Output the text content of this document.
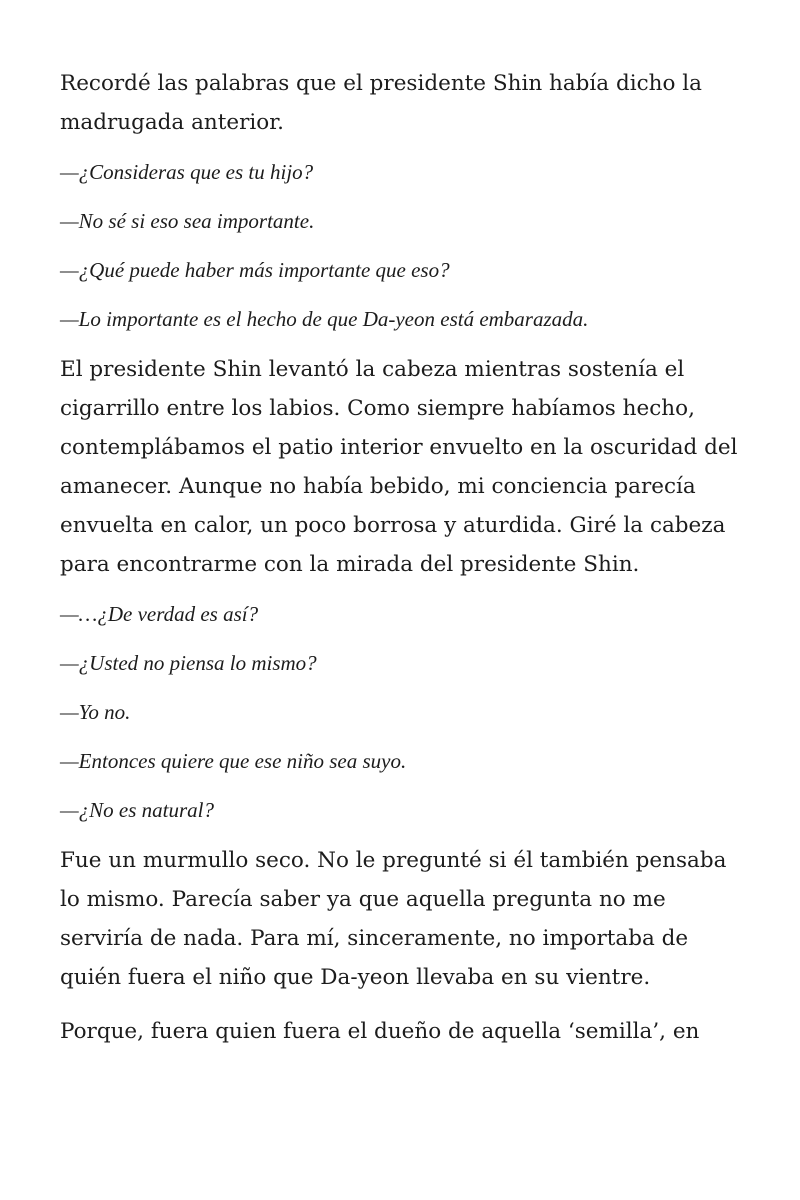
Recordé las palabras que el presidente Shin había dicho la madrugada anterior.

—¿Consideras que es tu hijo?

—No sé si eso sea importante.

—¿Qué puede haber más importante que eso?

—Lo importante es el hecho de que Da-yeon está embarazada.

El presidente Shin levantó la cabeza mientras sostenía el cigarrillo entre los labios. Como siempre habíamos hecho, contemplábamos el patio interior envuelto en la oscuridad del amanecer. Aunque no había bebido, mi conciencia parecía envuelta en calor, un poco borrosa y aturdida. Giré la cabeza para encontrarme con la mirada del presidente Shin.

—…¿De verdad es así?

—¿Usted no piensa lo mismo?

—Yo no.

—Entonces quiere que ese niño sea suyo.

—¿No es natural?

Fue un murmullo seco. No le pregunté si él también pensaba lo mismo. Parecía saber ya que aquella pregunta no me serviría de nada. Para mí, sinceramente, no importaba de quién fuera el niño que Da-yeon llevaba en su vientre.

Porque, fuera quien fuera el dueño de aquella ‘semilla’, en
